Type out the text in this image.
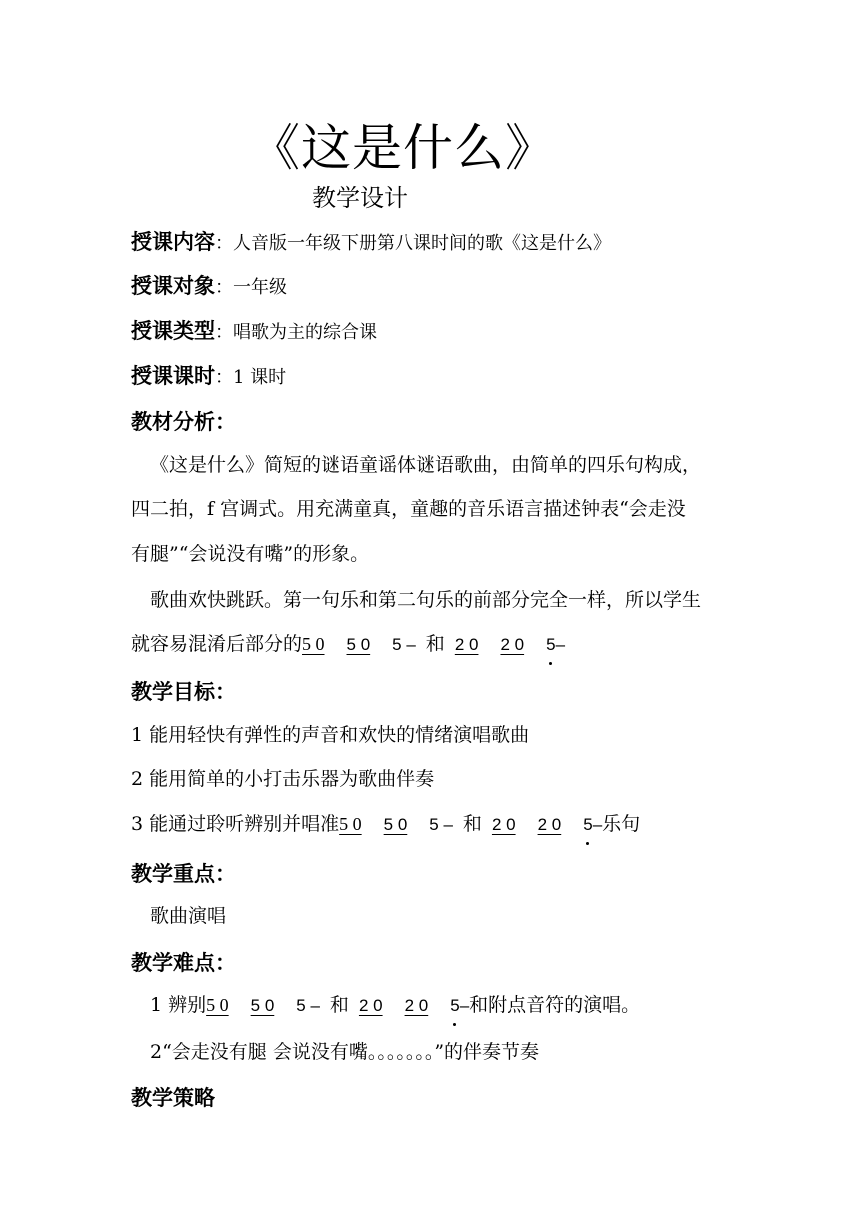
《这是什么》
教学设计
授课内容：人音版一年级下册第八课时间的歌《这是什么》
授课对象：一年级
授课类型：唱歌为主的综合课
授课课时：1 课时
教材分析：
《这是什么》简短的谜语童谣体谜语歌曲，由简单的四乐句构成，
四二拍，f 宫调式。用充满童真，童趣的音乐语言描述钟表“会走没
有腿”“会说没有嘴”的形象。
歌曲欢快跳跃。第一句乐和第二句乐的前部分完全一样，所以学生
就容易混淆后部分的5 0 5 0 5 – 和 2 0 2 0 5–
教学目标：
1 能用轻快有弹性的声音和欢快的情绪演唱歌曲
2 能用简单的小打击乐器为歌曲伴奏
3 能通过聆听辨别并唱准5 0 5 0 5 – 和 2 0 2 0 5–乐句
教学重点：
歌曲演唱
教学难点：
1 辨别5 0 5 0 5 – 和 2 0 2 0 5–和附点音符的演唱。
2“会走没有腿 会说没有嘴。。。。。。。”的伴奏节奏
教学策略
